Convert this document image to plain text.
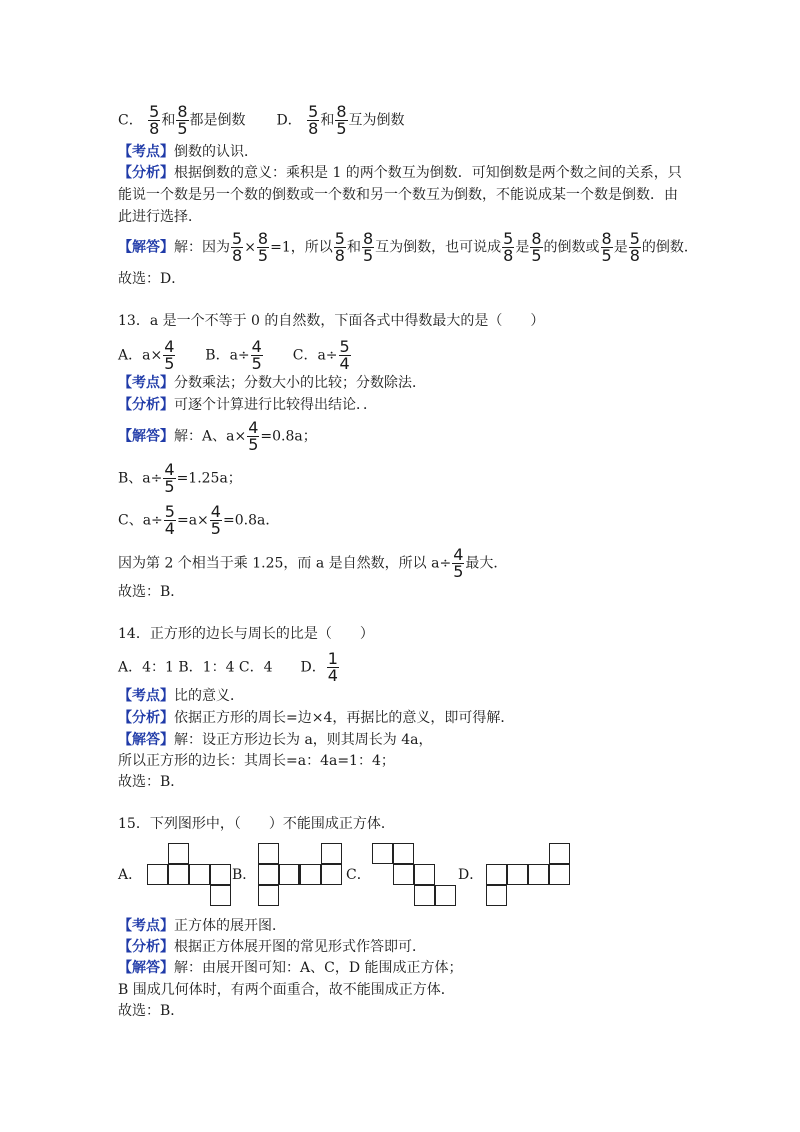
C． $\frac{5}{8}$ 和 $\frac{8}{5}$ 都是倒数 D． $\frac{5}{8}$ 和 $\frac{8}{5}$ 互为倒数
【考点】倒数的认识．
【分析】根据倒数的意义：乘积是 1 的两个数互为倒数．可知倒数是两个数之间的关系，只
能说一个数是另一个数的倒数或一个数和另一个数互为倒数，不能说成某一个数是倒数．由
此进行选择．
【解答】解：因为 $\frac{5}{8} \times \frac{8}{5} =1$，所以 $\frac{5}{8}$ 和 $\frac{8}{5}$ 互为倒数，也可说成 $\frac{5}{8}$ 是 $\frac{8}{5}$ 的倒数或 $\frac{8}{5}$ 是 $\frac{5}{8}$ 的倒数．
故选：D．
13．a 是一个不等于 0 的自然数，下面各式中得数最大的是（　　）
A．$a\times \frac{4}{5}$ B．$a\div \frac{4}{5}$ C．$a\div \frac{5}{4}$
【考点】分数乘法；分数大小的比较；分数除法．
【分析】可逐个计算进行比较得出结论．．
【解答】解：A、$a\times \frac{4}{5} =0.8a$；
B、$a\div \frac{4}{5} =1.25a$；
C、$a\div \frac{5}{4} =a\times \frac{4}{5} =0.8a$．
因为第 2 个相当于乘 1.25，而 a 是自然数，所以 $a\div \frac{4}{5}$ 最大．
故选：B．
14．正方形的边长与周长的比是（　　）
A．4：1 B．1：4 C．4　　D． $\frac{1}{4}$
【考点】比的意义．
【分析】依据正方形的周长=边×4，再据比的意义，即可得解．
【解答】解：设正方形边长为 a，则其周长为 4a，
所以正方形的边长：其周长=a：4a=1：4；
故选：B．
15．下列图形中，（　　）不能围成正方体．
A．	B．	C．	D．
【考点】正方体的展开图．
【分析】根据正方体展开图的常见形式作答即可．
【解答】解：由展开图可知：A、C，D 能围成正方体；
B 围成几何体时，有两个面重合，故不能围成正方体．
故选：B．
